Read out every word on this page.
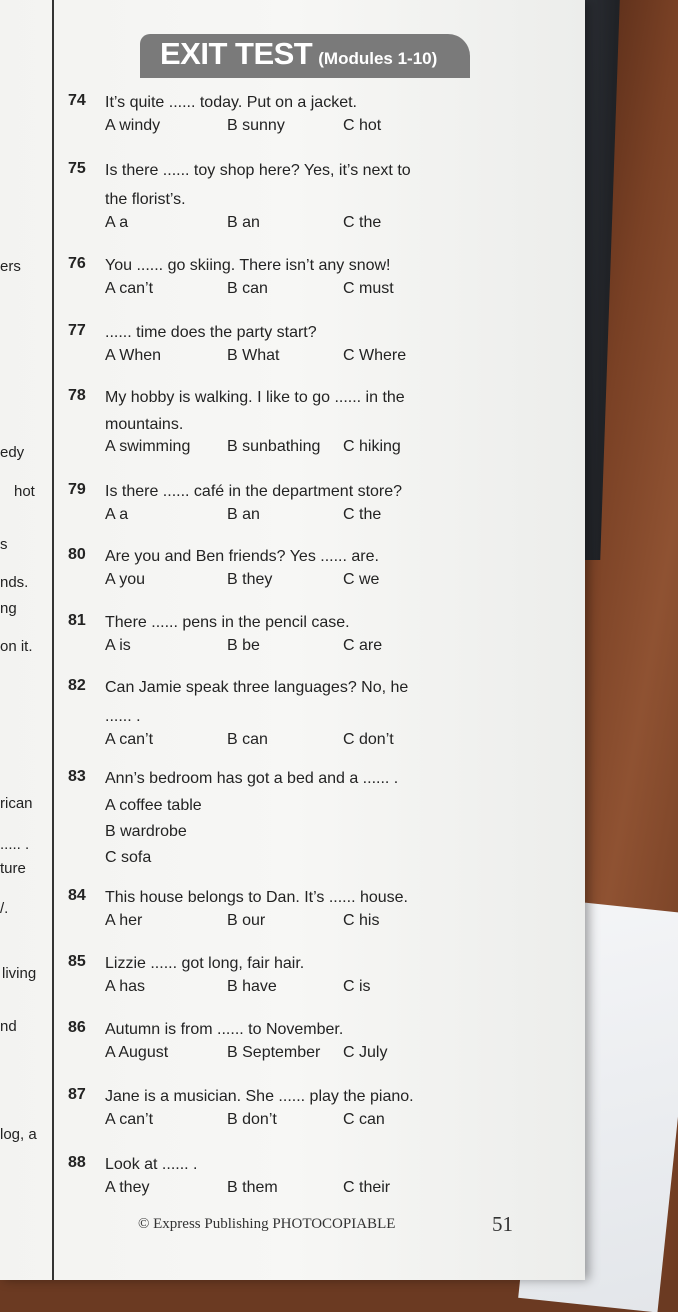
ers
edy
hot
s
nds.
ng
on it.
rican
..... .
ture
/.
living
nd
log, a
EXIT TEST (Modules 1-10)
74 It’s quite ...... today. Put on a jacket.
A windy	B sunny	C hot
75 Is there ...... toy shop here? Yes, it’s next to
the florist’s.
A a	B an	C the
76 You ...... go skiing. There isn’t any snow!
A can’t	B can	C must
77 ...... time does the party start?
A When	B What	C Where
78 My hobby is walking. I like to go ...... in the
mountains.
A swimming B sunbathing C hiking
79 Is there ...... café in the department store?
A a	B an	C the
80 Are you and Ben friends? Yes ...... are.
A you	B they	C we
81 There ...... pens in the pencil case.
A is	B be	C are
82 Can Jamie speak three languages? No, he
...... .
A can’t	B can	C don’t
83 Ann’s bedroom has got a bed and a ...... .
A coffee table
B wardrobe
C sofa
84 This house belongs to Dan. It’s ...... house.
A her	B our	C his
85 Lizzie ...... got long, fair hair.
A has	B have	C is
86 Autumn is from ...... to November.
A August	B September C July
87 Jane is a musician. She ...... play the piano.
A can’t	B don’t	C can
88 Look at ...... .
A they	B them	C their
© Express Publishing PHOTOCOPIABLE	51
